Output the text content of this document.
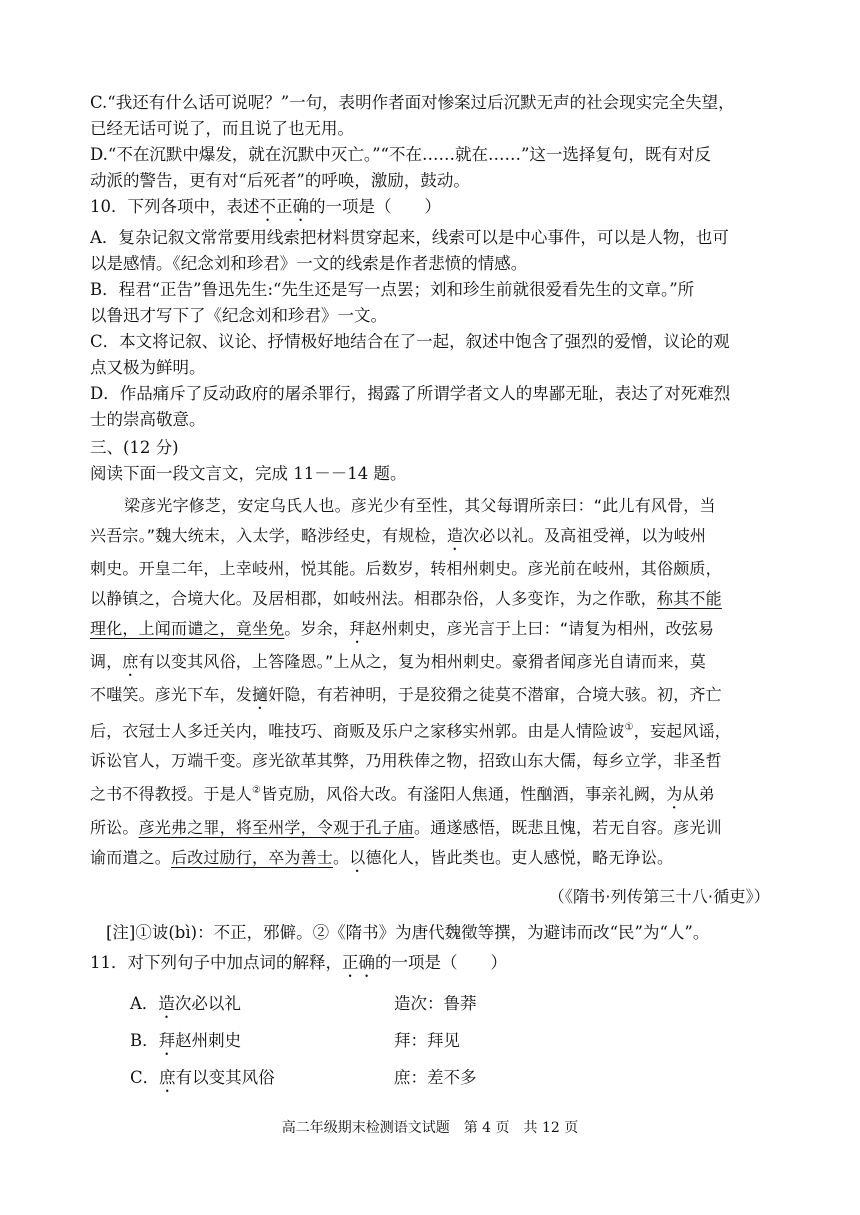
C.“我还有什么话可说呢？”一句，表明作者面对惨案过后沉默无声的社会现实完全失望，
已经无话可说了，而且说了也无用。
D.“不在沉默中爆发，就在沉默中灭亡。”“不在……就在……”这一选择复句，既有对反
动派的警告，更有对“后死者”的呼唤，激励，鼓动。
10．下列各项中，表述不正确的一项是（　　）
A．复杂记叙文常常要用线索把材料贯穿起来，线索可以是中心事件，可以是人物，也可
以是感情。《纪念刘和珍君》一文的线索是作者悲愤的情感。
B．程君“正告”鲁迅先生:“先生还是写一点罢；刘和珍生前就很爱看先生的文章。”所
以鲁迅才写下了《纪念刘和珍君》一文。
C．本文将记叙、议论、抒情极好地结合在了一起，叙述中饱含了强烈的爱憎，议论的观
点又极为鲜明。
D．作品痛斥了反动政府的屠杀罪行，揭露了所谓学者文人的卑鄙无耻，表达了对死难烈
士的崇高敬意。
三、(12 分)
阅读下面一段文言文，完成 11－－14 题。
梁彦光字修芝，安定乌氏人也。彦光少有至性，其父每谓所亲曰：“此儿有风骨，当
兴吾宗。”魏大统末，入太学，略涉经史，有规检，造次必以礼。及高祖受禅，以为岐州
刺史。开皇二年，上幸岐州，悦其能。后数岁，转相州刺史。彦光前在岐州，其俗颇质，
以静镇之，合境大化。及居相郡，如岐州法。相郡杂俗，人多变诈，为之作歌，称其不能
理化，上闻而谴之，竟坐免。岁余，拜赵州刺史，彦光言于上曰：“请复为相州，改弦易
调，庶有以变其风俗，上答隆恩。”上从之，复为相州刺史。豪猾者闻彦光自请而来，莫
不嗤笑。彦光下车，发擿奸隐，有若神明，于是狡猾之徒莫不潜窜，合境大骇。初，齐亡
后，衣冠士人多迁关内，唯技巧、商贩及乐户之家移实州郭。由是人情险诐①，妄起风谣，
诉讼官人，万端千变。彦光欲革其弊，乃用秩俸之物，招致山东大儒，每乡立学，非圣哲
之书不得教授。于是人②皆克励，风俗大改。有滏阳人焦通，性酗酒，事亲礼阙，为从弟
所讼。彦光弗之罪，将至州学，令观于孔子庙。通遂感悟，既悲且愧，若无自容。彦光训
谕而遣之。后改过励行，卒为善士。以德化人，皆此类也。吏人感悦，略无诤讼。
（《隋书·列传第三十八·循吏》）
[注]①诐(bì)：不正，邪僻。②《隋书》为唐代魏徵等撰，为避讳而改“民”为“人”。
11．对下列句子中加点词的解释，正确的一项是（　　）
A．造次必以礼	造次：鲁莽
B．拜赵州刺史	拜：拜见
C．庶有以变其风俗	庶：差不多
高二年级期末检测语文试题　第 4 页　共 12 页
